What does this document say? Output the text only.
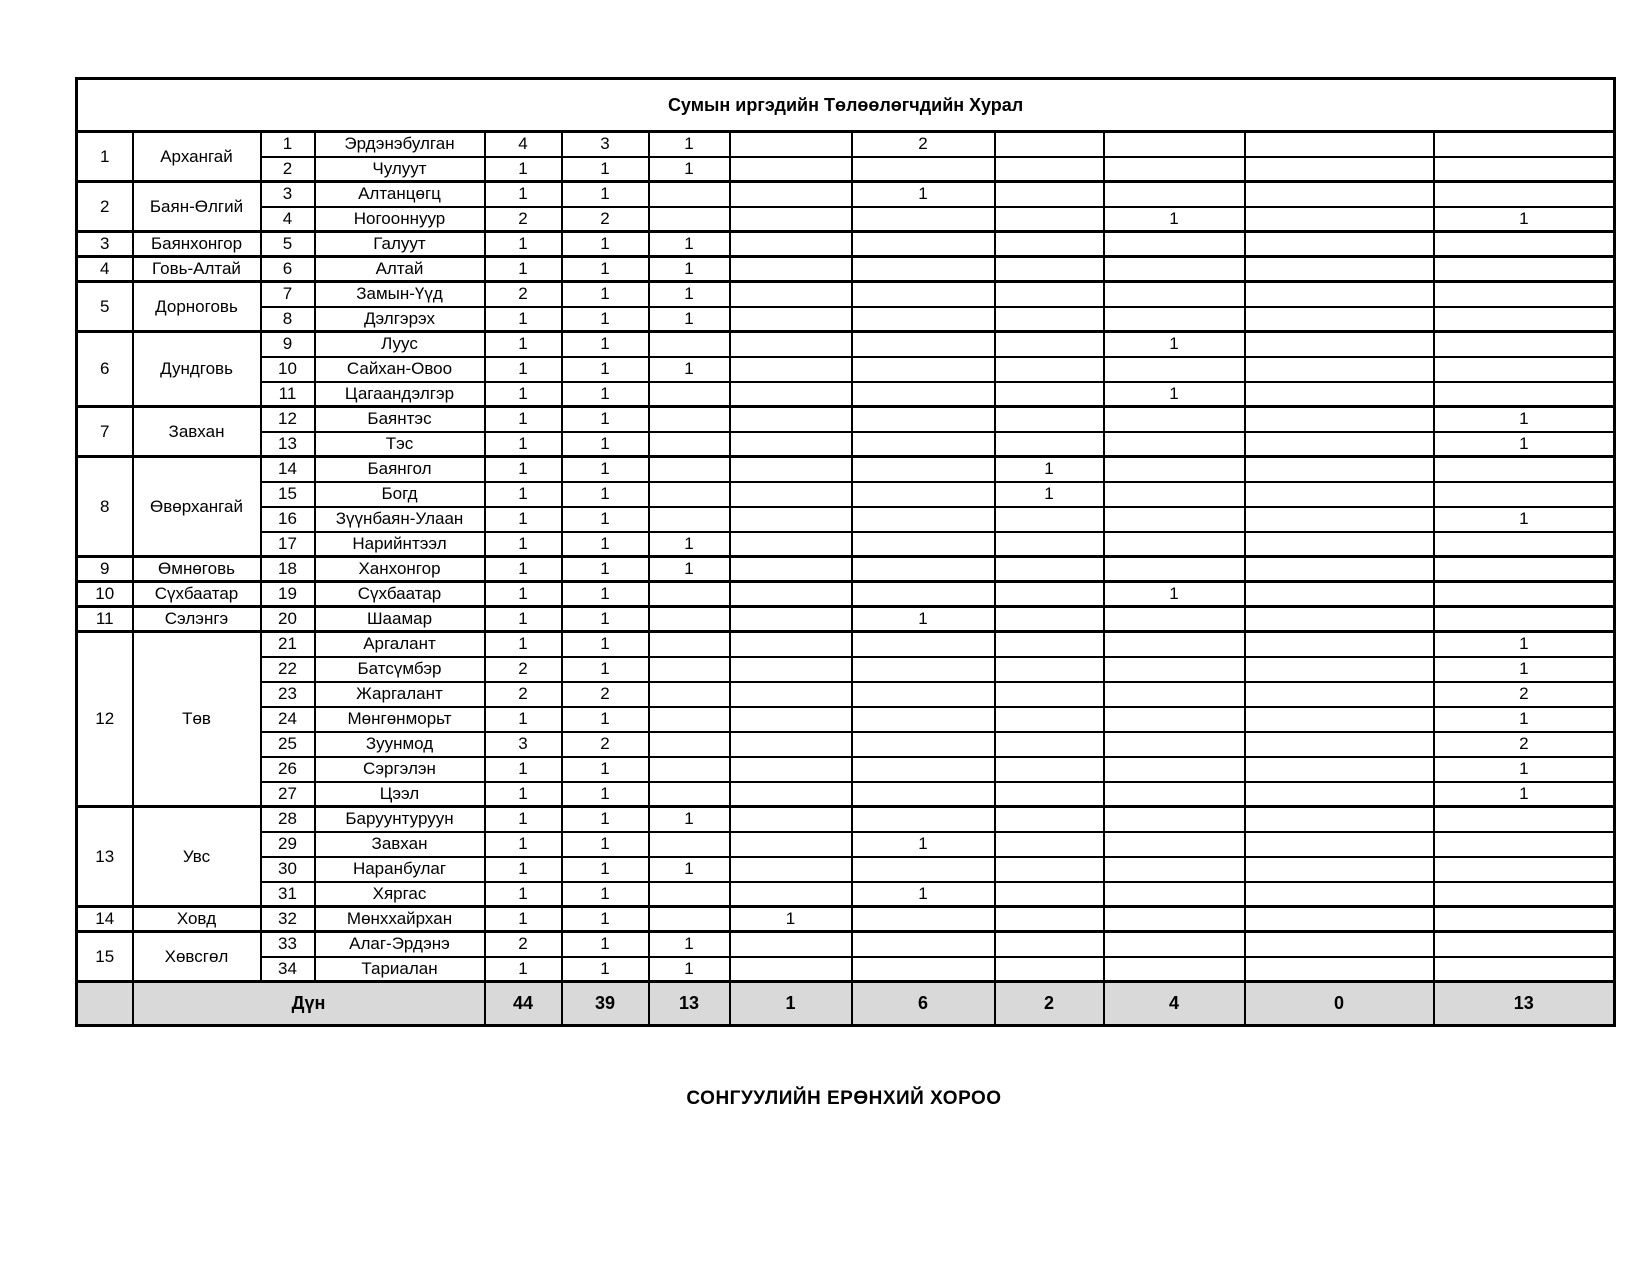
Сумын иргэдийн Төлөөлөгчдийн Хурал												
1	Архангай	1	Эрдэнэбулган	4	3	1		2				
		2	Чулуут	1	1	1						
2	Баян-Өлгий	3	Алтанцөгц	1	1			1				
		4	Ногооннуур	2	2					1		1
3	Баянхонгор	5	Галуут	1	1	1						
4	Говь-Алтай	6	Алтай	1	1	1						
5	Дорноговь	7	Замын-Үүд	2	1	1						
		8	Дэлгэрэх	1	1	1						
6	Дундговь	9	Луус	1	1					1		
		10	Сайхан-Овоо	1	1	1						
		11	Цагаандэлгэр	1	1					1		
7	Завхан	12	Баянтэс	1	1							1
		13	Тэс	1	1							1
8	Өвөрхангай	14	Баянгол	1	1				1			
		15	Богд	1	1				1			
		16	Зүүнбаян-Улаан	1	1							1
		17	Нарийнтээл	1	1	1						
9	Өмнөговь	18	Ханхонгор	1	1	1						
10	Сүхбаатар	19	Сүхбаатар	1	1					1		
11	Сэлэнгэ	20	Шаамар	1	1			1				
12	Төв	21	Аргалант	1	1							1
		22	Батсүмбэр	2	1							1
		23	Жаргалант	2	2							2
		24	Мөнгөнморьт	1	1							1
		25	Зуунмод	3	2							2
		26	Сэргэлэн	1	1							1
		27	Цээл	1	1							1
13	Увс	28	Баруунтуруун	1	1	1						
		29	Завхан	1	1			1				
		30	Наранбулаг	1	1	1						
		31	Хяргас	1	1			1				
14	Ховд	32	Мөнххайрхан	1	1		1					
15	Хөвсгөл	33	Алаг-Эрдэнэ	2	1	1						
		34	Тариалан	1	1	1						
	Дүн			44	39	13	1	6	2	4	0	13
СОНГУУЛИЙН ЕРӨНХИЙ ХОРОО
